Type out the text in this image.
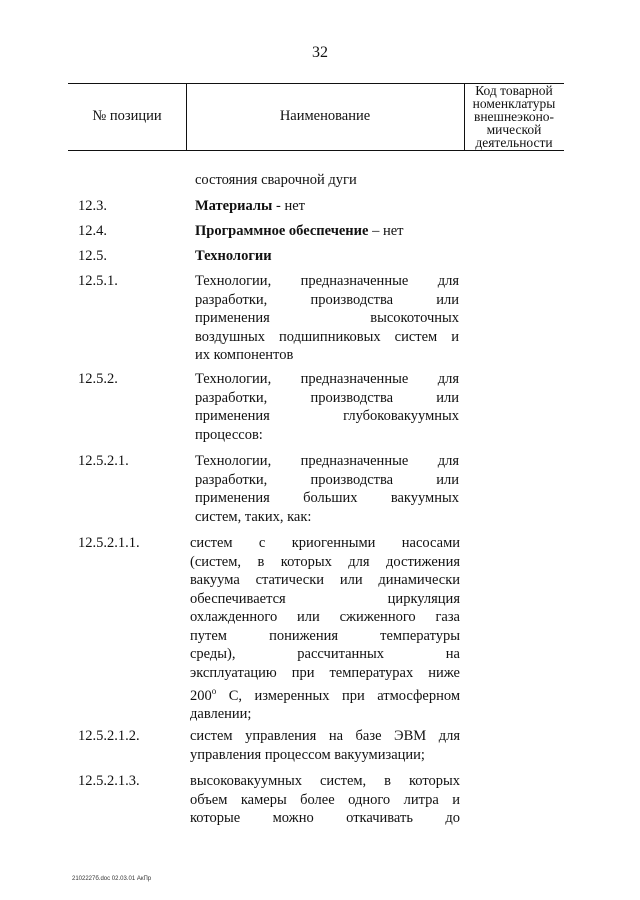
32
№ позиции	Наименование
Код товарной
номенклатуры
внешнеэконо-
мической
деятельности
состояния сварочной дуги
12.3.	Материалы - нет
12.4.	Программное обеспечение – нет
12.5.	Технологии
12.5.1.	Технологии, предназначенные для
разработки, производства или
применения высокоточных
воздушных подшипниковых систем и
их компонентов
12.5.2.	Технологии, предназначенные для
разработки, производства или
применения глубоковакуумных
процессов:
12.5.2.1.	Технологии, предназначенные для
разработки, производства или
применения больших вакуумных
систем, таких, как:
12.5.2.1.1.	систем с криогенными насосами
(систем, в которых для достижения
вакуума статически или динамически
обеспечивается циркуляция
охлажденного или сжиженного газа
путем понижения температуры
среды), рассчитанных на
эксплуатацию при температурах ниже
200$^o$ С, измеренных при атмосферном
давлении;
12.5.2.1.2.	систем управления на базе ЭВМ для
управления процессом вакуумизации;
12.5.2.1.3.	высоковакуумных систем, в которых
объем камеры более одного литра и
которые можно откачивать до
2102227б.doc 02.03.01 АкПр
